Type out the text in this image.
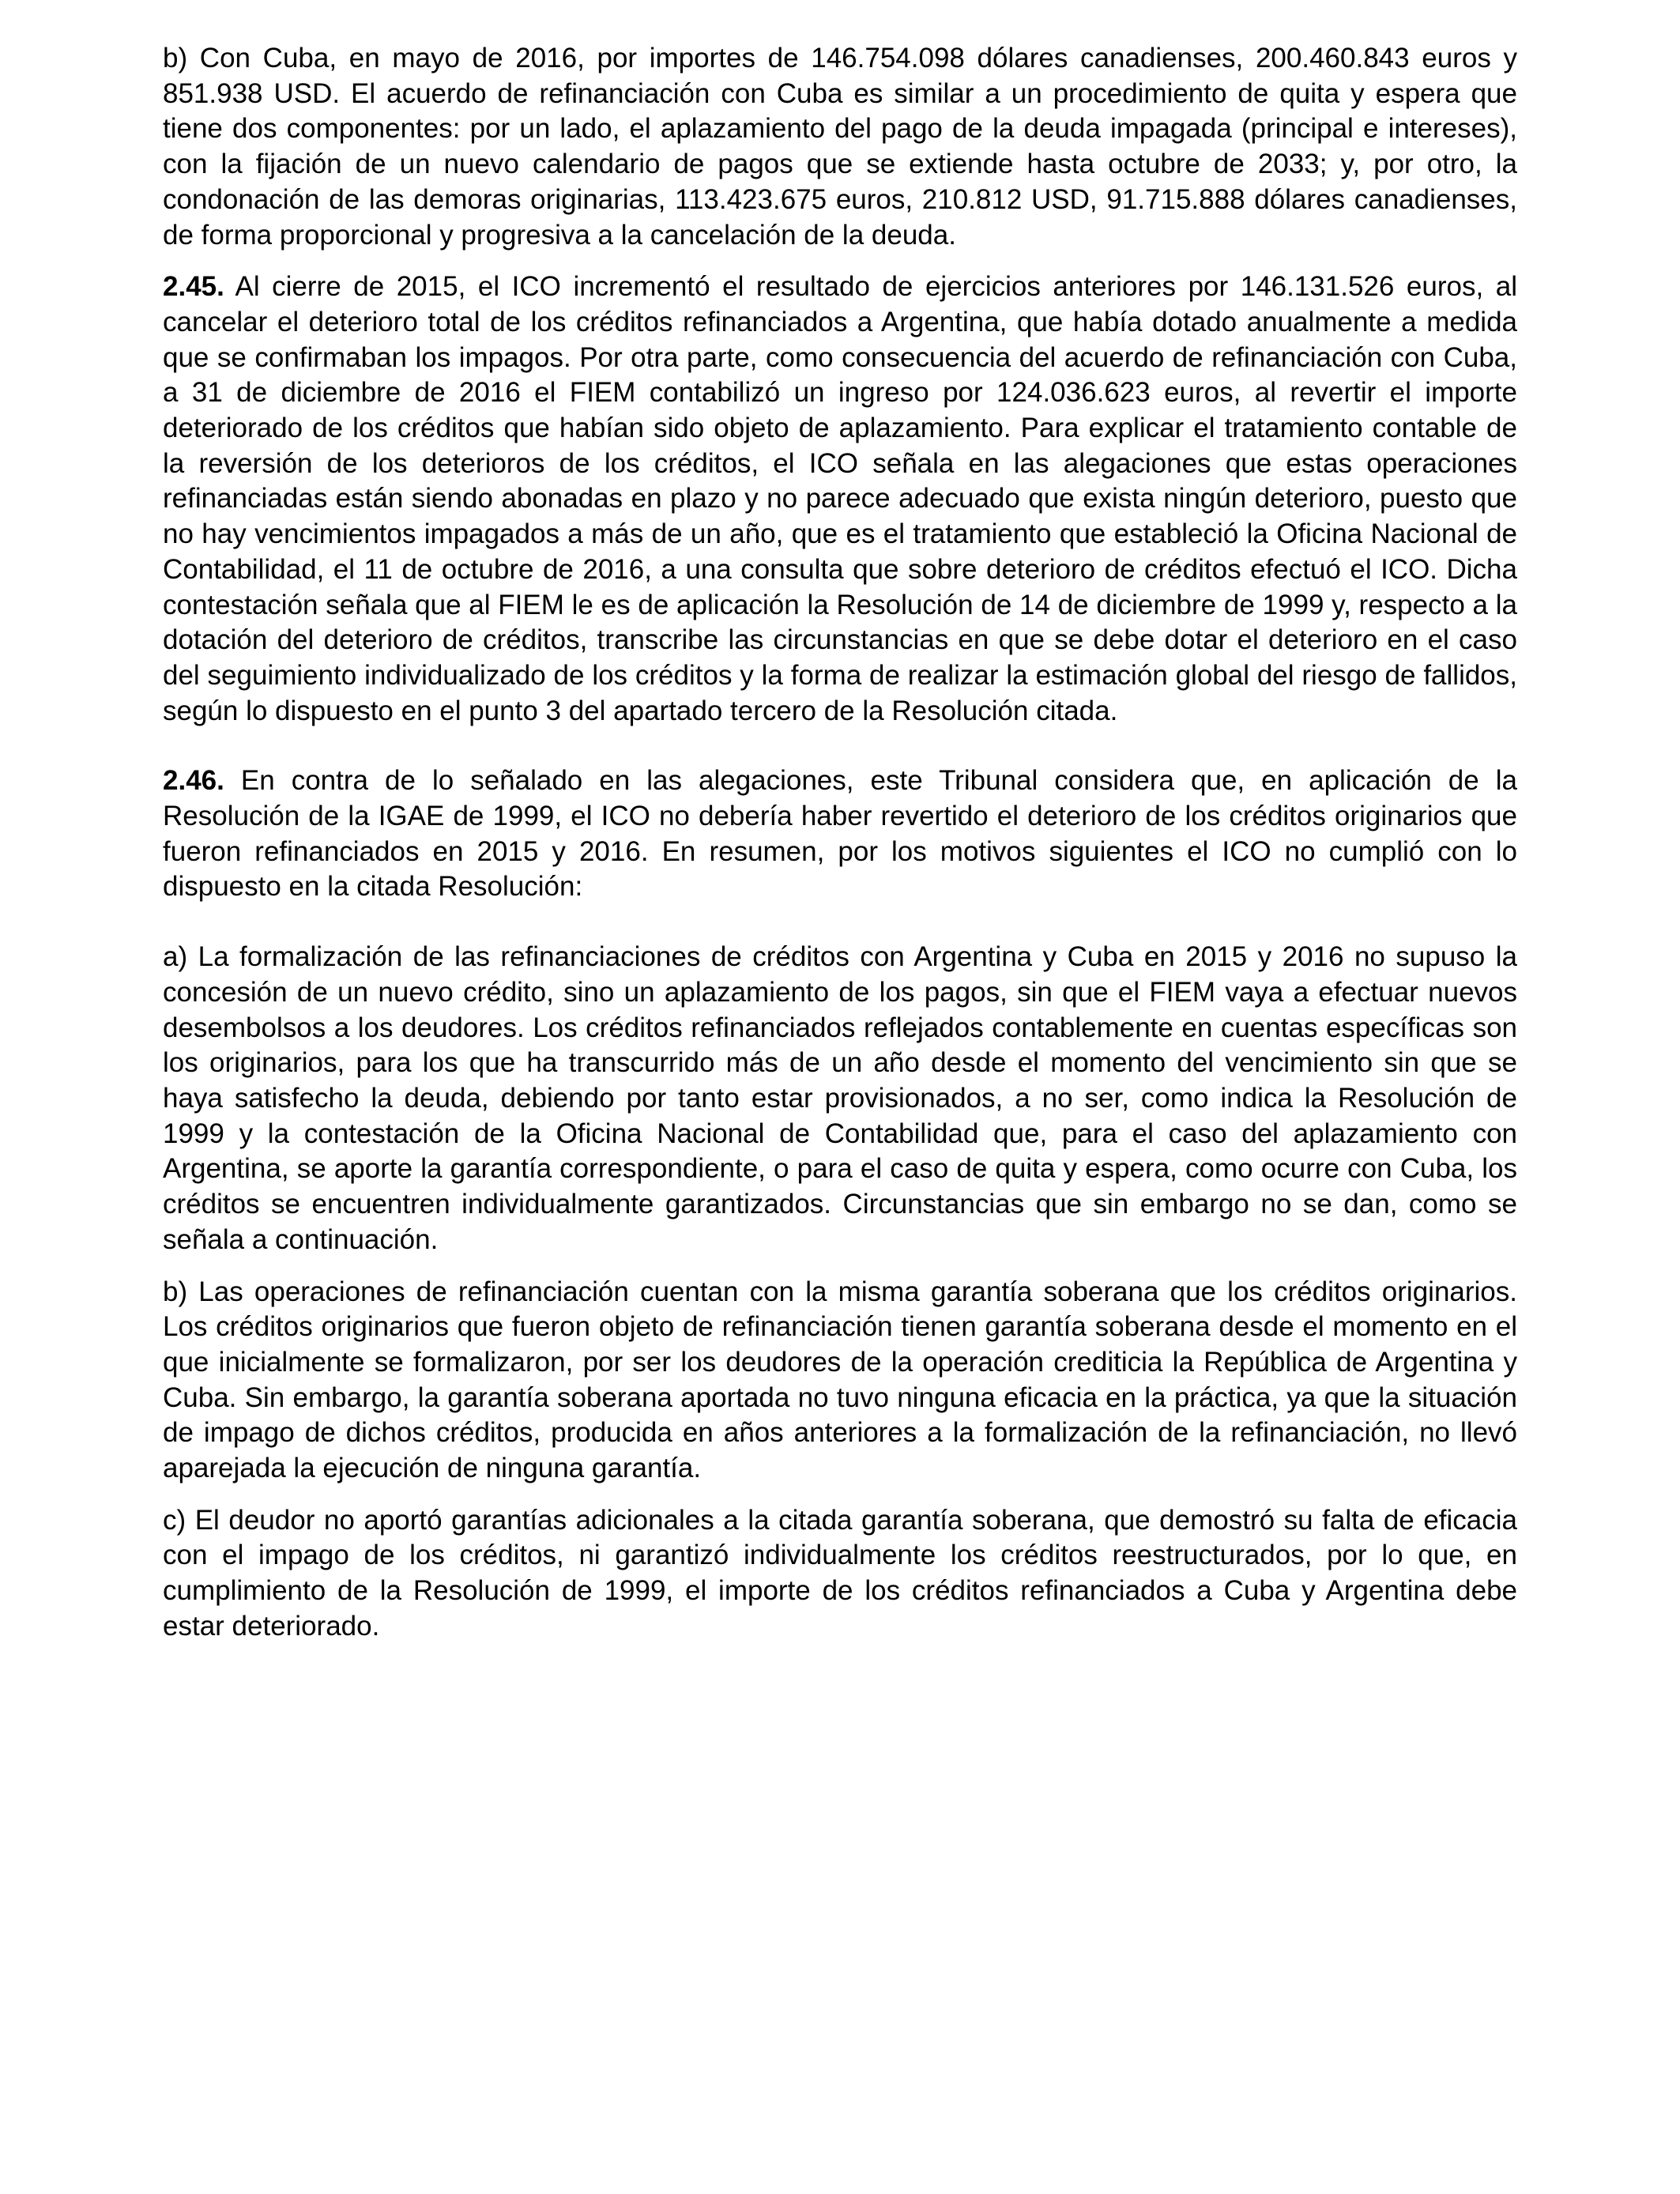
b) Con Cuba, en mayo de 2016, por importes de 146.754.098 dólares canadienses, 200.460.843 euros y 851.938 USD. El acuerdo de refinanciación con Cuba es similar a un procedimiento de quita y espera que tiene dos componentes: por un lado, el aplazamiento del pago de la deuda impagada (principal e intereses), con la fijación de un nuevo calendario de pagos que se extiende hasta octubre de 2033; y, por otro, la condonación de las demoras originarias, 113.423.675 euros, 210.812 USD, 91.715.888 dólares canadienses, de forma proporcional y progresiva a la cancelación de la deuda.

2.45. Al cierre de 2015, el ICO incrementó el resultado de ejercicios anteriores por 146.131.526 euros, al cancelar el deterioro total de los créditos refinanciados a Argentina, que había dotado anualmente a medida que se confirmaban los impagos. Por otra parte, como consecuencia del acuerdo de refinanciación con Cuba, a 31 de diciembre de 2016 el FIEM contabilizó un ingreso por 124.036.623 euros, al revertir el importe deteriorado de los créditos que habían sido objeto de aplazamiento. Para explicar el tratamiento contable de la reversión de los deterioros de los créditos, el ICO señala en las alegaciones que estas operaciones refinanciadas están siendo abonadas en plazo y no parece adecuado que exista ningún deterioro, puesto que no hay vencimientos impagados a más de un año, que es el tratamiento que estableció la Oficina Nacional de Contabilidad, el 11 de octubre de 2016, a una consulta que sobre deterioro de créditos efectuó el ICO. Dicha contestación señala que al FIEM le es de aplicación la Resolución de 14 de diciembre de 1999 y, respecto a la dotación del deterioro de créditos, transcribe las circunstancias en que se debe dotar el deterioro en el caso del seguimiento individualizado de los créditos y la forma de realizar la estimación global del riesgo de fallidos, según lo dispuesto en el punto 3 del apartado tercero de la Resolución citada.

2.46. En contra de lo señalado en las alegaciones, este Tribunal considera que, en aplicación de la Resolución de la IGAE de 1999, el ICO no debería haber revertido el deterioro de los créditos originarios que fueron refinanciados en 2015 y 2016. En resumen, por los motivos siguientes el ICO no cumplió con lo dispuesto en la citada Resolución:

a) La formalización de las refinanciaciones de créditos con Argentina y Cuba en 2015 y 2016 no supuso la concesión de un nuevo crédito, sino un aplazamiento de los pagos, sin que el FIEM vaya a efectuar nuevos desembolsos a los deudores. Los créditos refinanciados reflejados contablemente en cuentas específicas son los originarios, para los que ha transcurrido más de un año desde el momento del vencimiento sin que se haya satisfecho la deuda, debiendo por tanto estar provisionados, a no ser, como indica la Resolución de 1999 y la contestación de la Oficina Nacional de Contabilidad que, para el caso del aplazamiento con Argentina, se aporte la garantía correspondiente, o para el caso de quita y espera, como ocurre con Cuba, los créditos se encuentren individualmente garantizados. Circunstancias que sin embargo no se dan, como se señala a continuación.

b) Las operaciones de refinanciación cuentan con la misma garantía soberana que los créditos originarios. Los créditos originarios que fueron objeto de refinanciación tienen garantía soberana desde el momento en el que inicialmente se formalizaron, por ser los deudores de la operación crediticia la República de Argentina y Cuba. Sin embargo, la garantía soberana aportada no tuvo ninguna eficacia en la práctica, ya que la situación de impago de dichos créditos, producida en años anteriores a la formalización de la refinanciación, no llevó aparejada la ejecución de ninguna garantía.

c) El deudor no aportó garantías adicionales a la citada garantía soberana, que demostró su falta de eficacia con el impago de los créditos, ni garantizó individualmente los créditos reestructurados, por lo que, en cumplimiento de la Resolución de 1999, el importe de los créditos refinanciados a Cuba y Argentina debe estar deteriorado.
